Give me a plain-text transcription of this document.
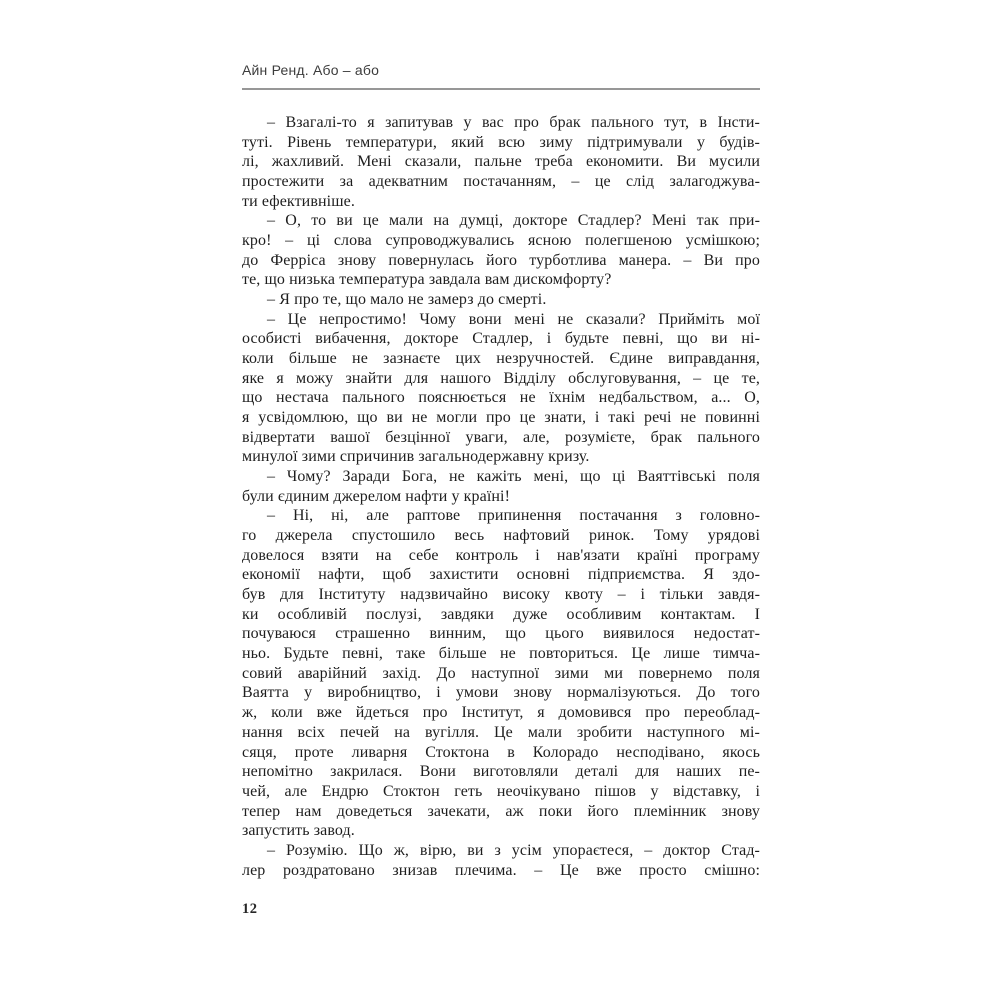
Айн Ренд. Або – або
– Взагалі-то я запитував у вас про брак пального тут, в Інсти-
туті. Рівень температури, який всю зиму підтримували у будів-
лі, жахливий. Мені сказали, пальне треба економити. Ви мусили
простежити за адекватним постачанням, – це слід залагоджува-
ти ефективніше.
– О, то ви це мали на думці, докторе Стадлер? Мені так при-
кро! – ці слова супроводжувались ясною полегшеною усмішкою;
до Ферріса знову повернулась його турботлива манера. – Ви про
те, що низька температура завдала вам дискомфорту?
– Я про те, що мало не замерз до смерті.
– Це непростимо! Чому вони мені не сказали? Прийміть мої
особисті вибачення, докторе Стадлер, і будьте певні, що ви ні-
коли більше не зазнаєте цих незручностей. Єдине виправдання,
яке я можу знайти для нашого Відділу обслуговування, – це те,
що нестача пального пояснюється не їхнім недбальством, а... О,
я усвідомлюю, що ви не могли про це знати, і такі речі не повинні
відвертати вашої безцінної уваги, але, розумієте, брак пального
минулої зими спричинив загальнодержавну кризу.
– Чому? Заради Бога, не кажіть мені, що ці Ваяттівські поля
були єдиним джерелом нафти у країні!
– Ні, ні, але раптове припинення постачання з головно-
го джерела спустошило весь нафтовий ринок. Тому урядові
довелося взяти на себе контроль і нав'язати країні програму
економії нафти, щоб захистити основні підприємства. Я здо-
був для Інституту надзвичайно високу квоту – і тільки завдя-
ки особливій послузі, завдяки дуже особливим контактам. І
почуваюся страшенно винним, що цього виявилося недостат-
ньо. Будьте певні, таке більше не повториться. Це лише тимча-
совий аварійний захід. До наступної зими ми повернемо поля
Ваятта у виробництво, і умови знову нормалізуються. До того
ж, коли вже йдеться про Інститут, я домовився про переоблад-
нання всіх печей на вугілля. Це мали зробити наступного мі-
сяця, проте ливарня Стоктона в Колорадо несподівано, якось
непомітно закрилася. Вони виготовляли деталі для наших пе-
чей, але Ендрю Стоктон геть неочікувано пішов у відставку, і
тепер нам доведеться зачекати, аж поки його племінник знову
запустить завод.
– Розумію. Що ж, вірю, ви з усім упораєтеся, – доктор Стад-
лер роздратовано знизав плечима. – Це вже просто смішно:
12
